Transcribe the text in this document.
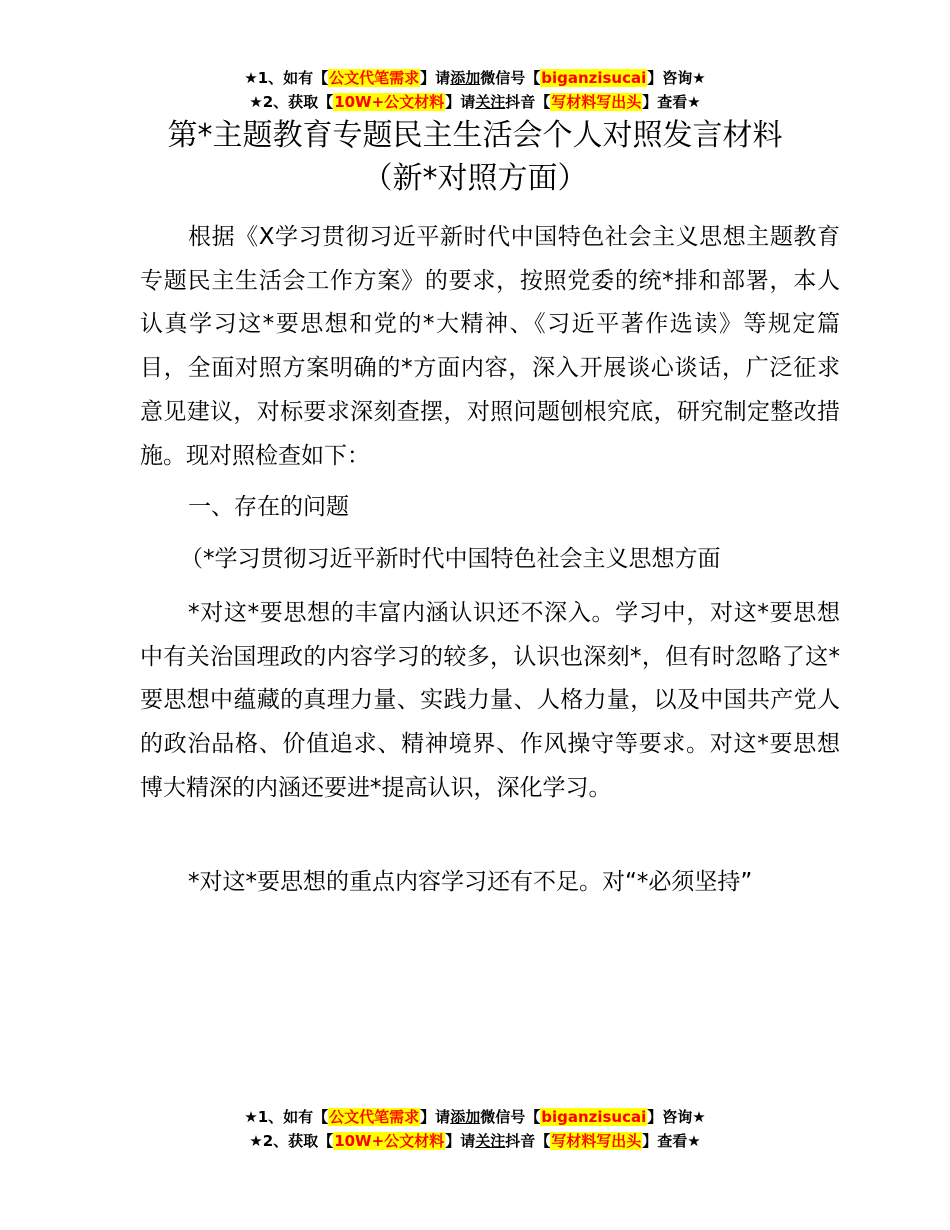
★1、如有【公文代笔需求】请添加微信号【biganzisucai】咨询★
★2、获取【10W+公文材料】请关注抖音【写材料写出头】查看★
第*主题教育专题民主生活会个人对照发言材料
（新*对照方面）

根据《X学习贯彻习近平新时代中国特色社会主义思想主题教育专题民主生活会工作方案》的要求，按照党委的统*排和部署，本人认真学习这*要思想和党的*大精神、《习近平著作选读》等规定篇目，全面对照方案明确的*方面内容，深入开展谈心谈话，广泛征求意见建议，对标要求深刻查摆，对照问题刨根究底，研究制定整改措施。现对照检查如下：

一、存在的问题

（*学习贯彻习近平新时代中国特色社会主义思想方面

*对这*要思想的丰富内涵认识还不深入。学习中，对这*要思想中有关治国理政的内容学习的较多，认识也深刻*，但有时忽略了这*要思想中蕴藏的真理力量、实践力量、人格力量，以及中国共产党人的政治品格、价值追求、精神境界、作风操守等要求。对这*要思想博大精深的内涵还要进*提高认识，深化学习。

*对这*要思想的重点内容学习还有不足。对“*必须坚持”

★1、如有【公文代笔需求】请添加微信号【biganzisucai】咨询★
★2、获取【10W+公文材料】请关注抖音【写材料写出头】查看★
